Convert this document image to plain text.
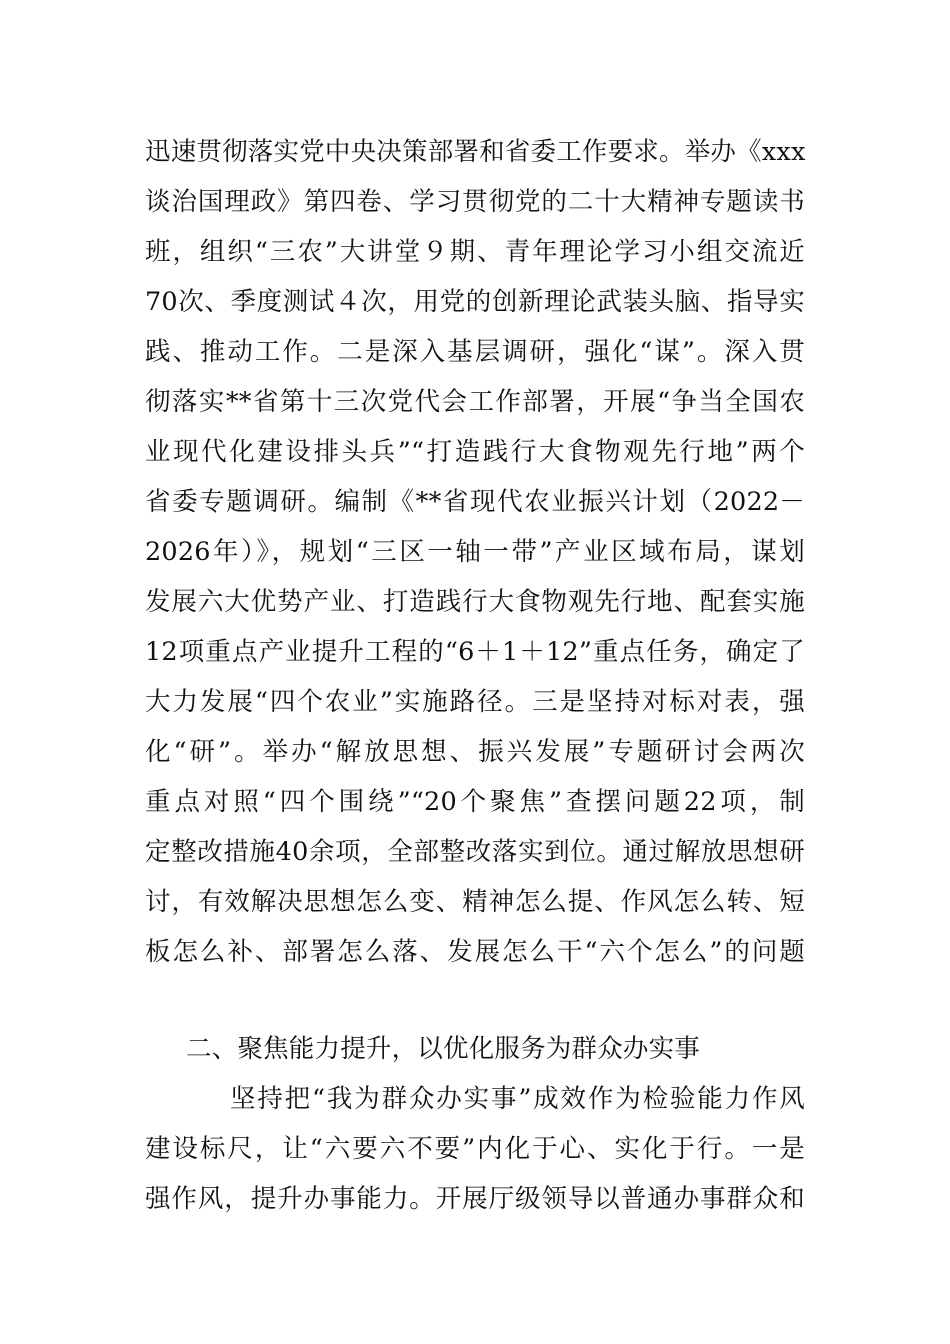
迅速贯彻落实党中央决策部署和省委工作要求。举办《xxx
谈治国理政》第四卷、学习贯彻党的二十大精神专题读书
班，组织“三农”大讲堂９期、青年理论学习小组交流近
70次、季度测试４次，用党的创新理论武装头脑、指导实
践、推动工作。二是深入基层调研，强化“谋”。深入贯
彻落实**省第十三次党代会工作部署，开展“争当全国农
业现代化建设排头兵”“打造践行大食物观先行地”两个
省委专题调研。编制《**省现代农业振兴计划（2022－
2026年）》，规划“三区一轴一带”产业区域布局，谋划
发展六大优势产业、打造践行大食物观先行地、配套实施
12项重点产业提升工程的“6＋1＋12”重点任务，确定了
大力发展“四个农业”实施路径。三是坚持对标对表，强
化“研”。举办“解放思想、振兴发展”专题研讨会两次
重点对照“四个围绕”“20个聚焦”查摆问题22项，制
定整改措施40余项，全部整改落实到位。通过解放思想研
讨，有效解决思想怎么变、精神怎么提、作风怎么转、短
板怎么补、部署怎么落、发展怎么干“六个怎么”的问题
二、聚焦能力提升，以优化服务为群众办实事
坚持把“我为群众办实事”成效作为检验能力作风
建设标尺，让“六要六不要”内化于心、实化于行。一是
强作风，提升办事能力。开展厅级领导以普通办事群众和
